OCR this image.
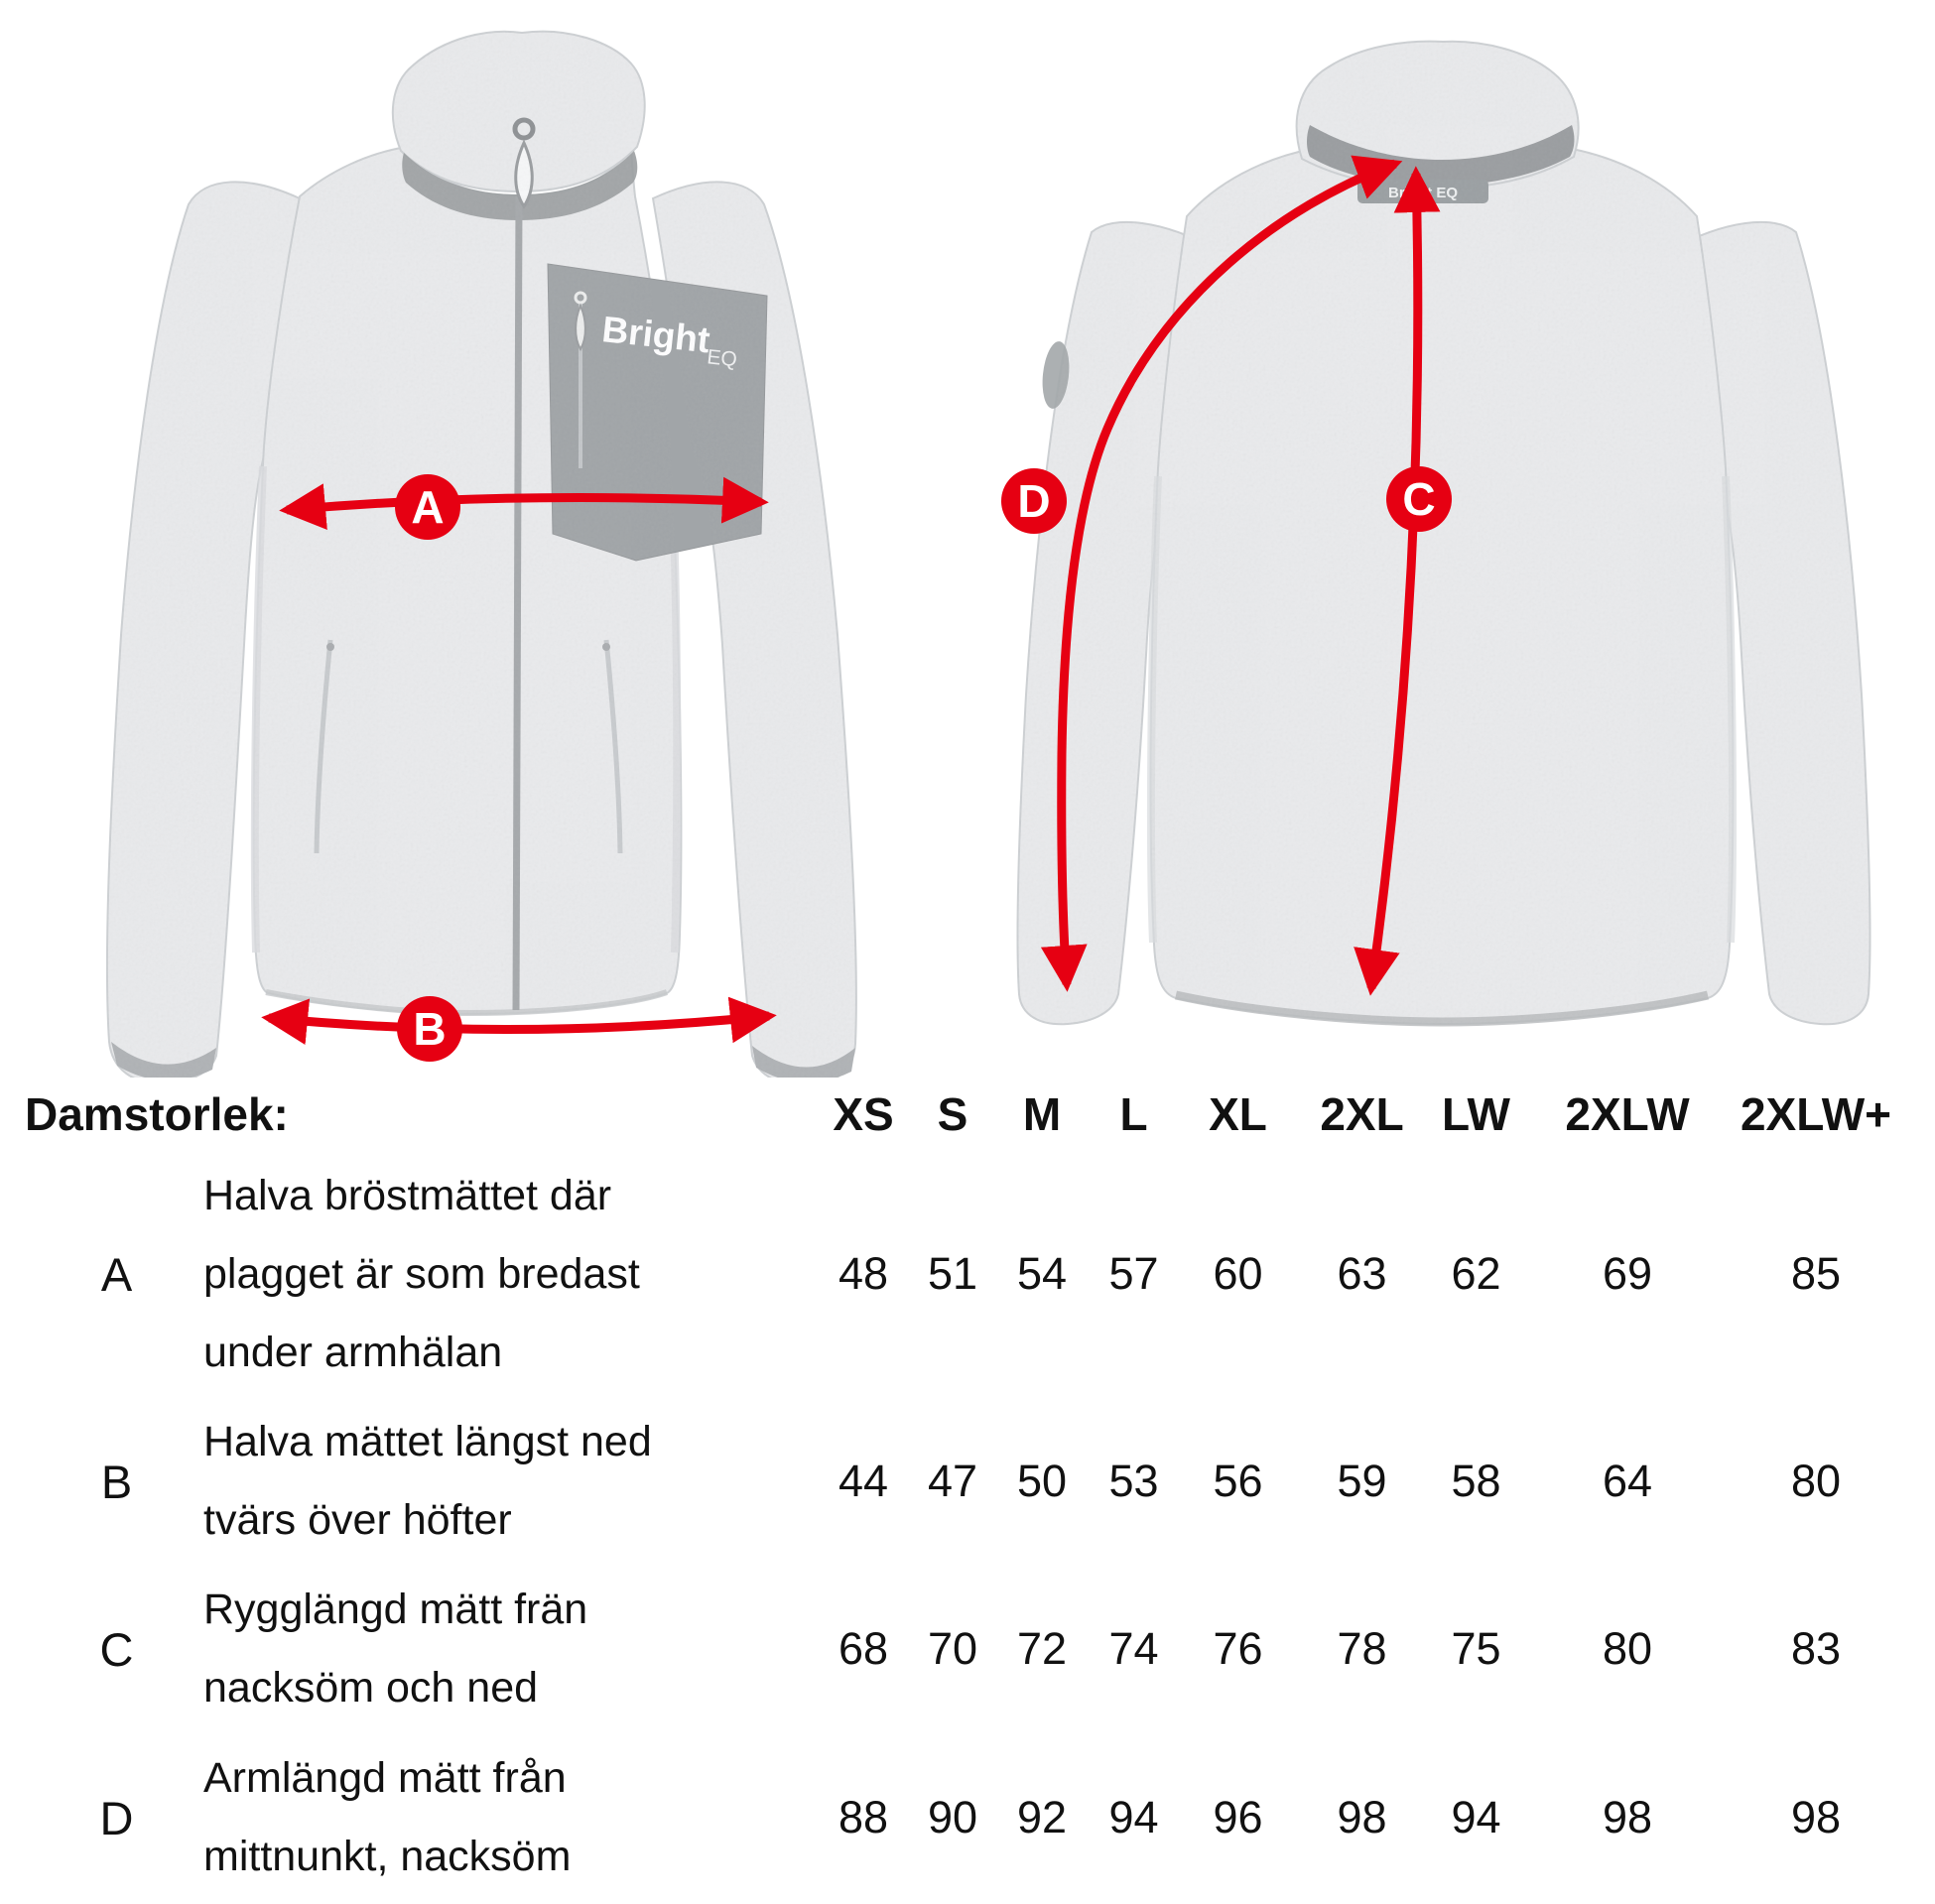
Bright
EQ
Bright EQ
A
B
C
D
Damstorlek:	XS S	M	L	XL	2XL LW	2XLW	2XLW+
A
Halva bröstmättet där
plagget är som bredast
under armhälan
48 51 54 57	60	63	62	69	85
B
Halva mättet längst ned
tvärs över höfter
44 47 50 53	56	59	58	64	80
C
Rygglängd mätt frän
nacksöm och ned
68 70 72 74	76	78	75	80	83
D
Armlängd mätt från
mittnunkt, nacksöm
88 90 92 94	96	98	94	98	98
